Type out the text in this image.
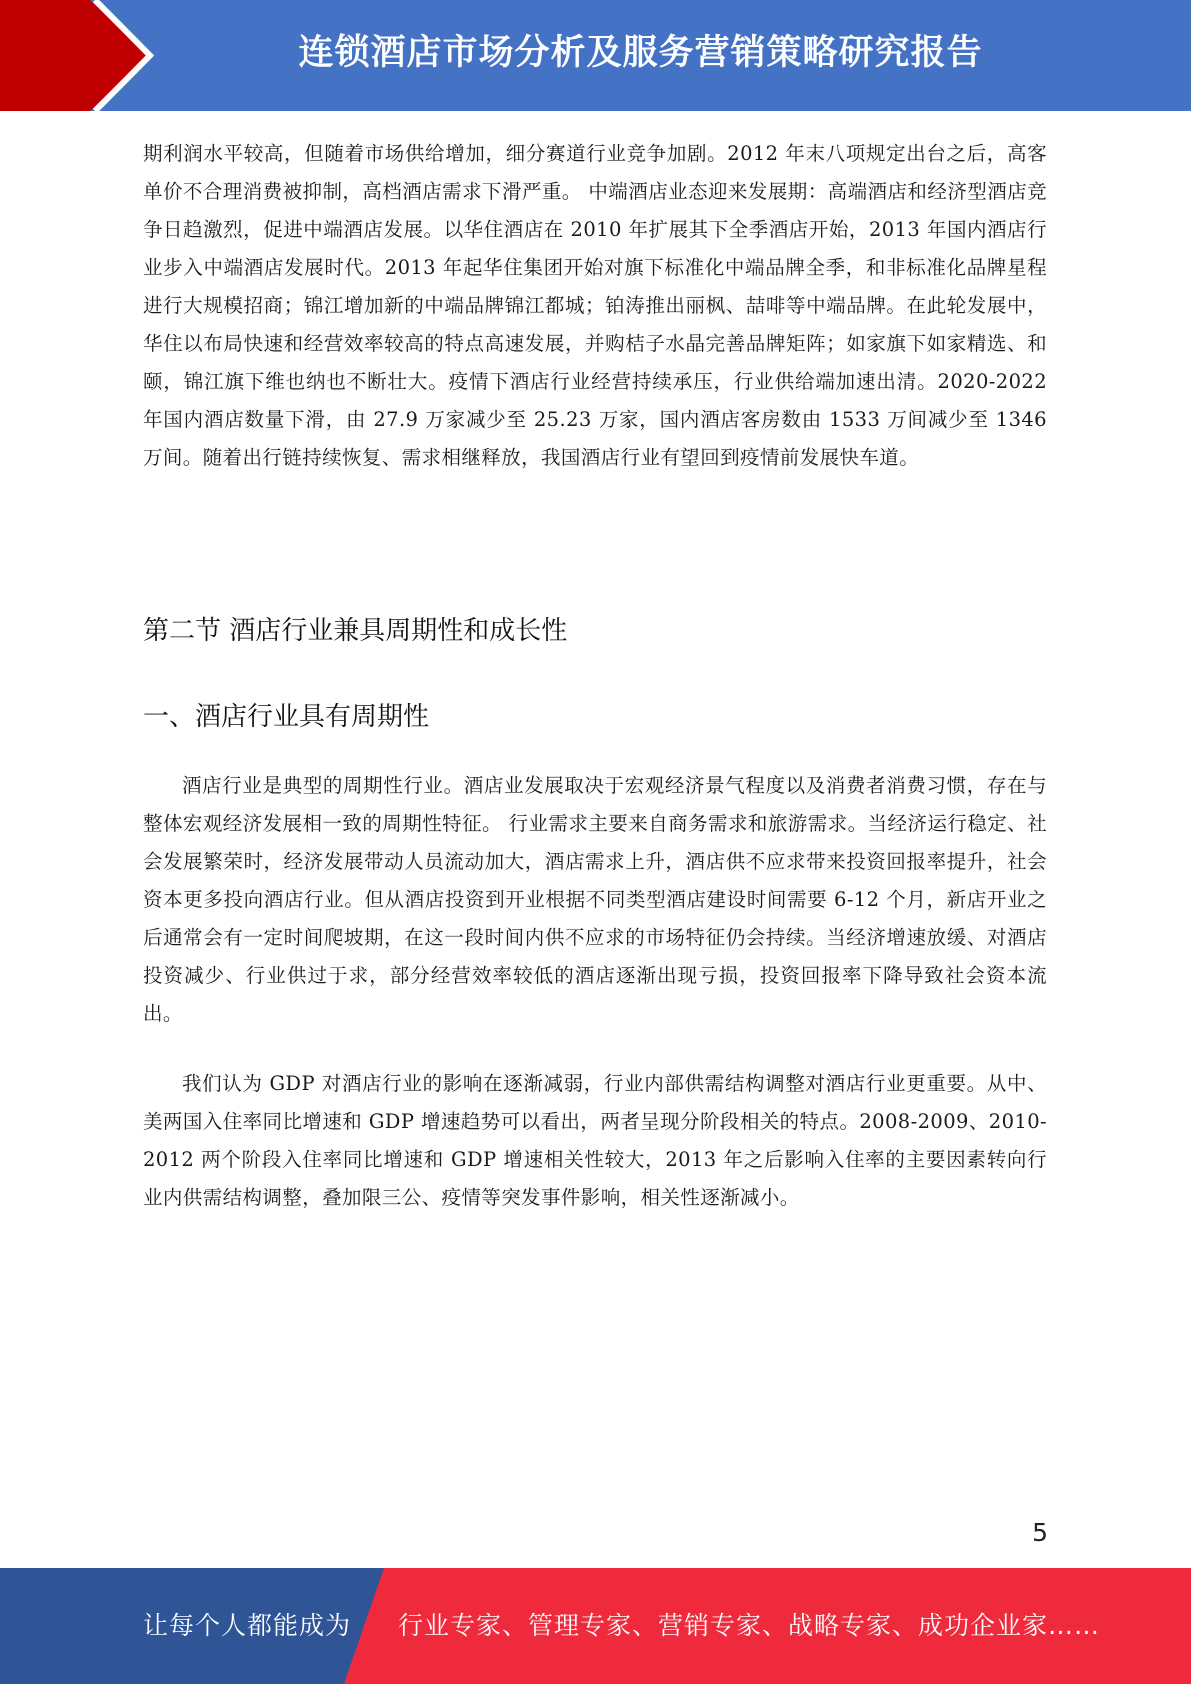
连锁酒店市场分析及服务营销策略研究报告

期利润水平较高，但随着市场供给增加，细分赛道行业竞争加剧。2012 年末八项规定出台之后，高客单价不合理消费被抑制，高档酒店需求下滑严重。 中端酒店业态迎来发展期：高端酒店和经济型酒店竞争日趋激烈，促进中端酒店发展。以华住酒店在 2010 年扩展其下全季酒店开始，2013 年国内酒店行业步入中端酒店发展时代。2013 年起华住集团开始对旗下标准化中端品牌全季，和非标准化品牌星程进行大规模招商；锦江增加新的中端品牌锦江都城；铂涛推出丽枫、喆啡等中端品牌。在此轮发展中，华住以布局快速和经营效率较高的特点高速发展，并购桔子水晶完善品牌矩阵；如家旗下如家精选、和颐，锦江旗下维也纳也不断壮大。疫情下酒店行业经营持续承压，行业供给端加速出清。2020-2022 年国内酒店数量下滑，由 27.9 万家减少至 25.23 万家，国内酒店客房数由 1533 万间减少至 1346 万间。随着出行链持续恢复、需求相继释放，我国酒店行业有望回到疫情前发展快车道。

第二节 酒店行业兼具周期性和成长性
一、酒店行业具有周期性

酒店行业是典型的周期性行业。酒店业发展取决于宏观经济景气程度以及消费者消费习惯，存在与整体宏观经济发展相一致的周期性特征。 行业需求主要来自商务需求和旅游需求。当经济运行稳定、社会发展繁荣时，经济发展带动人员流动加大，酒店需求上升，酒店供不应求带来投资回报率提升，社会资本更多投向酒店行业。但从酒店投资到开业根据不同类型酒店建设时间需要 6-12 个月，新店开业之后通常会有一定时间爬坡期，在这一段时间内供不应求的市场特征仍会持续。当经济增速放缓、对酒店投资减少、行业供过于求，部分经营效率较低的酒店逐渐出现亏损，投资回报率下降导致社会资本流出。

我们认为 GDP 对酒店行业的影响在逐渐减弱，行业内部供需结构调整对酒店行业更重要。从中、美两国入住率同比增速和 GDP 增速趋势可以看出，两者呈现分阶段相关的特点。2008-2009、2010-2012 两个阶段入住率同比增速和 GDP 增速相关性较大，2013 年之后影响入住率的主要因素转向行业内供需结构调整，叠加限三公、疫情等突发事件影响，相关性逐渐减小。

5
让每个人都能成为 行业专家、管理专家、营销专家、战略专家、成功企业家……
